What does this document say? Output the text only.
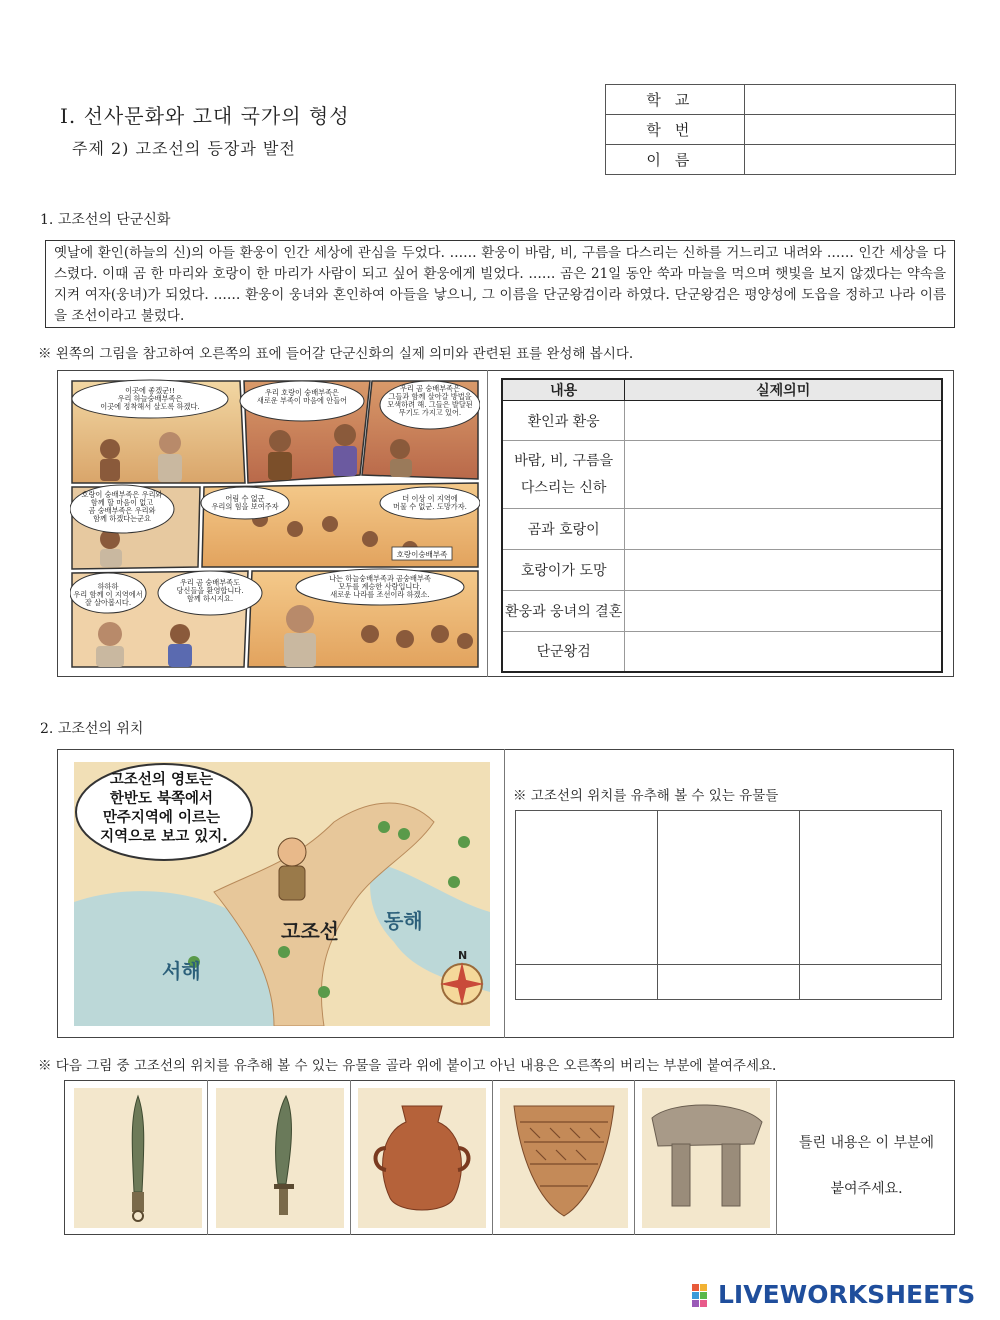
Ⅰ. 선사문화와 고대 국가의 형성
주제 2) 고조선의 등장과 발전
학교	
학번	
이름	
1. 고조선의 단군신화
옛날에 환인(하늘의 신)의 아들 환웅이 인간 세상에 관심을 두었다. …… 환웅이 바람, 비, 구름을 다스리는 신하를 거느리고 내려와 …… 인간 세상을 다스렸다. 이때 곰 한 마리와 호랑이 한 마리가 사람이 되고 싶어 환웅에게 빌었다. …… 곰은 21일 동안 쑥과 마늘을 먹으며 햇빛을 보지 않겠다는 약속을 지켜 여자(웅녀)가 되었다. …… 환웅이 웅녀와 혼인하여 아들을 낳으니, 그 이름을 단군왕검이라 하였다. 단군왕검은 평양성에 도읍을 정하고 나라 이름을 조선이라고 불렀다.
※ 왼쪽의 그림을 참고하여 오른쪽의 표에 들어갈 단군신화의 실제 의미와 관련된 표를 완성해 봅시다.
이곳에 좋겠군!! 우리 하늘숭배부족은 이곳에 정착해서 살도록 하겠다.
우리 호랑이 숭배부족은 새로운 부족이 마음에 안들어
우리 곰 숭배부족은 그들과 함께 살아갈 방법을 모색하려 해. 그들은 발달된 무기도 가지고 있어.
호랑이 숭배부족은 우리와 함께 할 마음이 없고 곰 숭배부족은 우리와 함께 하겠다는군요
어림 수 없군 우리의 힘을 보여주자
더 이상 이 지역에 머물 수 없군. 도망가자.
하하하 우리 함께 이 지역에서 잘 살아봅시다.
우리 곰 숭배부족도 당신들을 환영합니다. 함께 하시지요.
나는 하늘숭배부족과 곰숭배부족 모두를 계승한 사람입니다. 새로운 나라를 조선이라 하겠소.
호랑이숭배부족
내용	실제의미
환인과 환웅	
바람, 비, 구름을 다스리는 신하	
곰과 호랑이	
호랑이가 도망	
환웅과 웅녀의 결혼	
단군왕검	
2. 고조선의 위치
고조선의 영토는 한반도 북쪽에서 만주지역에 이르는 지역으로 보고 있지.
고조선 동해
서해
N
※ 고조선의 위치를 유추해 볼 수 있는 유물들

※ 다음 그림 중 고조선의 위치를 유추해 볼 수 있는 유물을 골라 위에 붙이고 아닌 내용은 오른쪽의 버리는 부분에 붙여주세요.
틀린 내용은 이 부분에
붙여주세요.
LIVEWORKSHEETS
